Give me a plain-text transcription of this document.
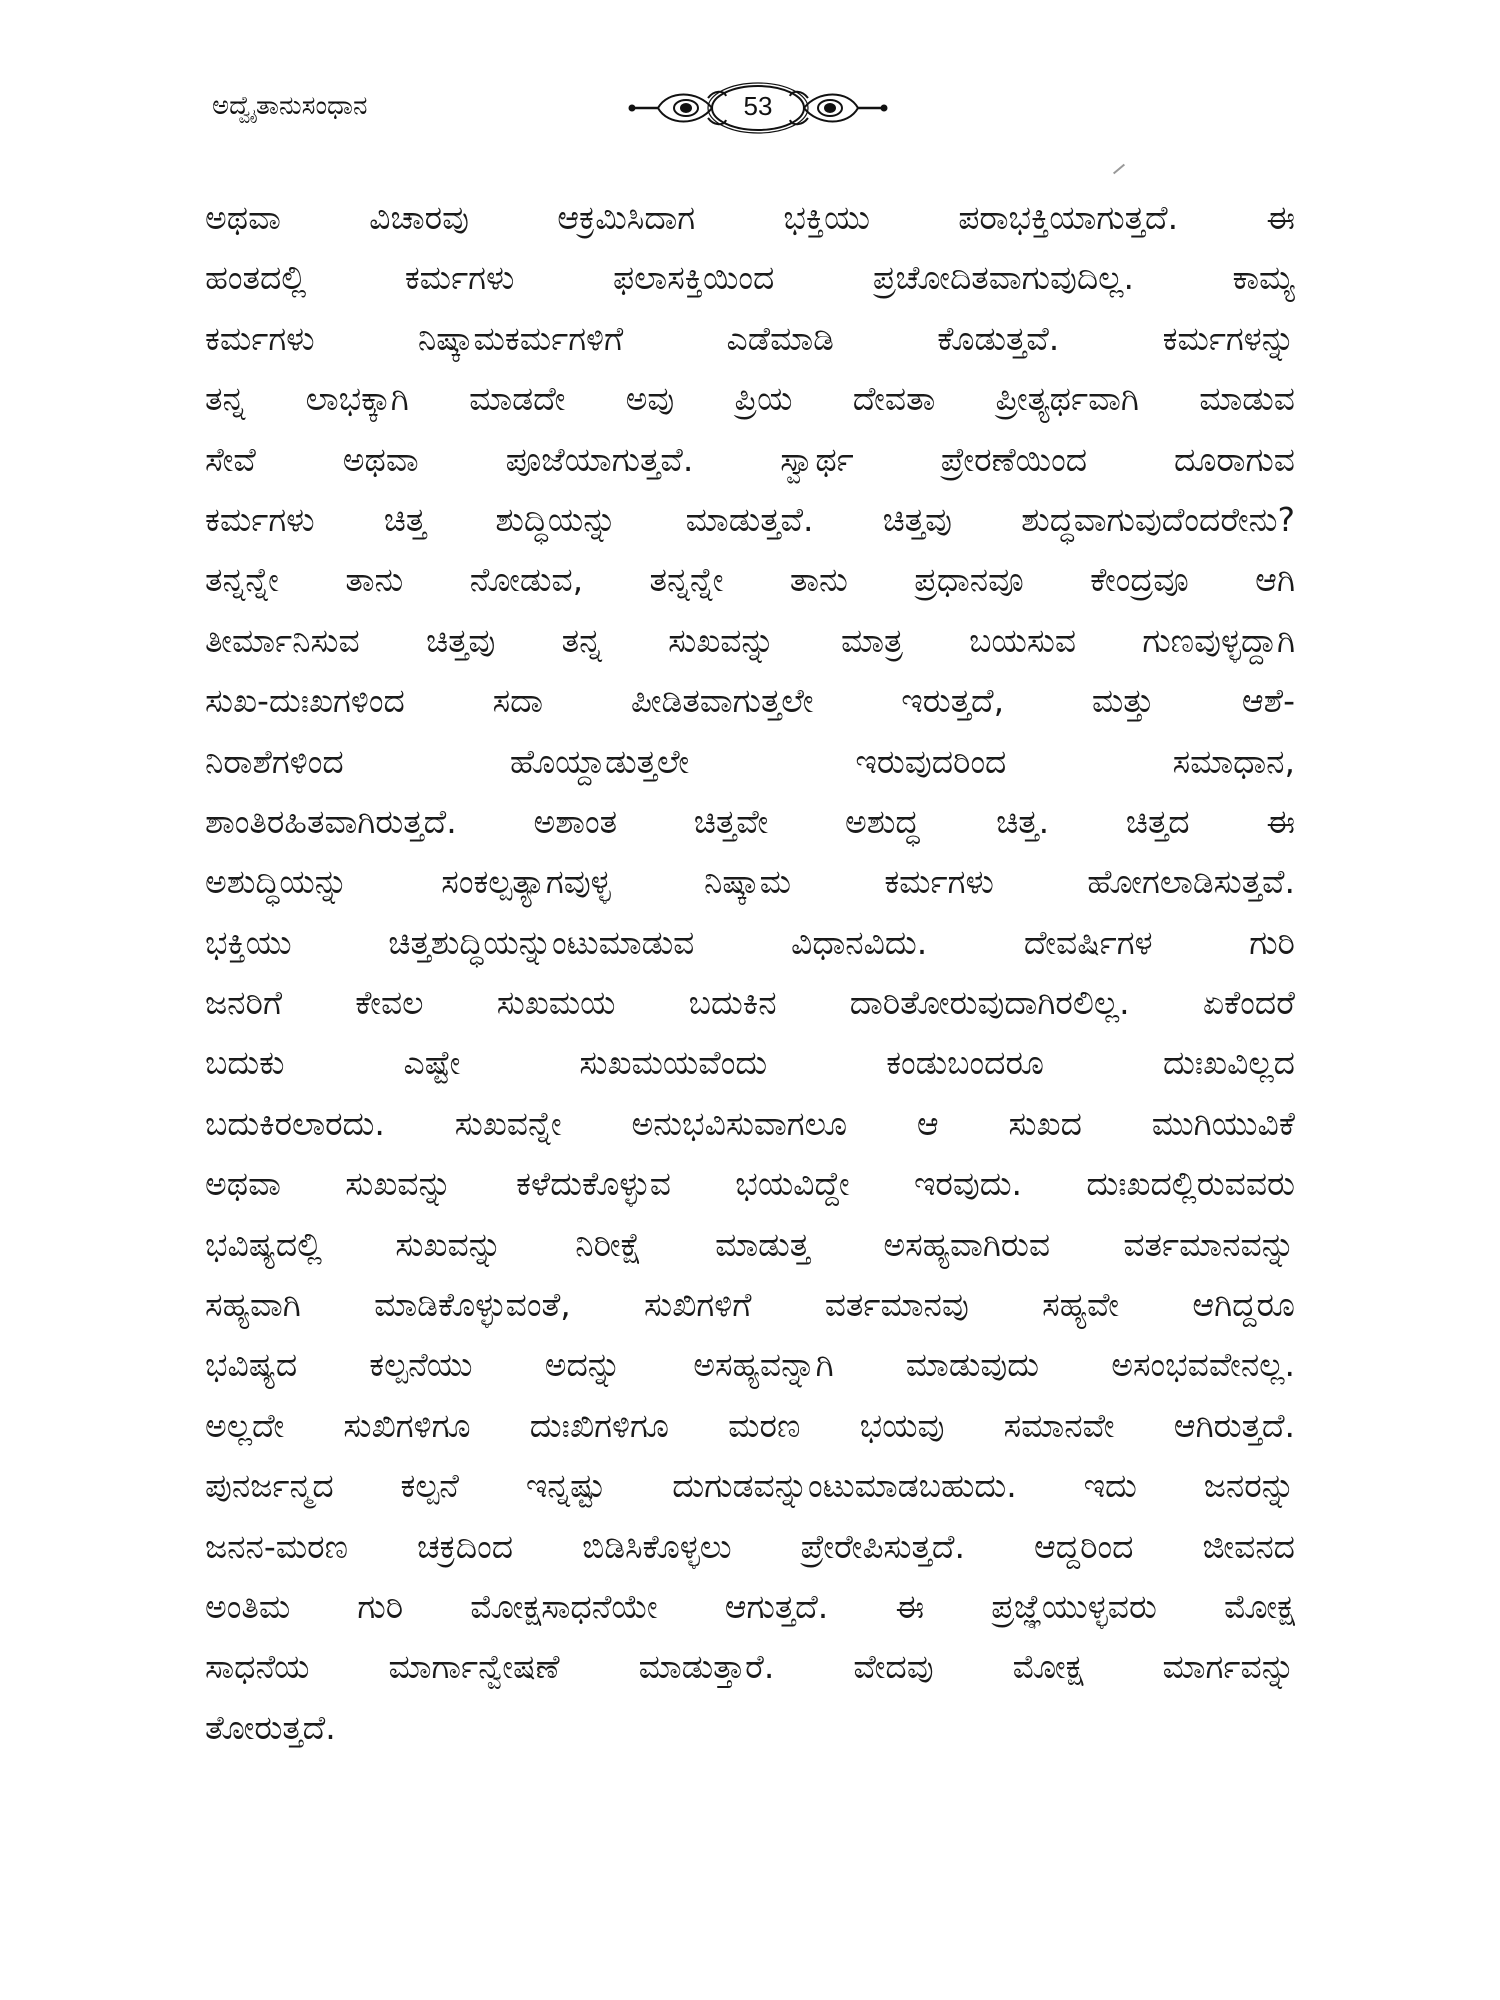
ಅದ್ವೈತಾನುಸಂಧಾನ	53
ಅಥವಾ ವಿಚಾರವು ಆಕ್ರಮಿಸಿದಾಗ ಭಕ್ತಿಯು ಪರಾಭಕ್ತಿಯಾಗುತ್ತದೆ. ಈ
ಹಂತದಲ್ಲಿ ಕರ್ಮಗಳು ಫಲಾಸಕ್ತಿಯಿಂದ ಪ್ರಚೋದಿತವಾಗುವುದಿಲ್ಲ. ಕಾಮ್ಯ
ಕರ್ಮಗಳು ನಿಷ್ಕಾಮಕರ್ಮಗಳಿಗೆ ಎಡೆಮಾಡಿ ಕೊಡುತ್ತವೆ. ಕರ್ಮಗಳನ್ನು
ತನ್ನ ಲಾಭಕ್ಕಾಗಿ ಮಾಡದೇ ಅವು ಪ್ರಿಯ ದೇವತಾ ಪ್ರೀತ್ಯರ್ಥವಾಗಿ ಮಾಡುವ
ಸೇವೆ ಅಥವಾ ಪೂಜೆಯಾಗುತ್ತವೆ. ಸ್ವಾರ್ಥ ಪ್ರೇರಣೆಯಿಂದ ದೂರಾಗುವ
ಕರ್ಮಗಳು ಚಿತ್ತ ಶುದ್ಧಿಯನ್ನು ಮಾಡುತ್ತವೆ. ಚಿತ್ತವು ಶುದ್ಧವಾಗುವುದೆಂದರೇನು?
ತನ್ನನ್ನೇ ತಾನು ನೋಡುವ, ತನ್ನನ್ನೇ ತಾನು ಪ್ರಧಾನವೂ ಕೇಂದ್ರವೂ ಆಗಿ
ತೀರ್ಮಾನಿಸುವ ಚಿತ್ತವು ತನ್ನ ಸುಖವನ್ನು ಮಾತ್ರ ಬಯಸುವ ಗುಣವುಳ್ಳದ್ದಾಗಿ
ಸುಖ-ದುಃಖಗಳಿಂದ ಸದಾ ಪೀಡಿತವಾಗುತ್ತಲೇ ಇರುತ್ತದೆ, ಮತ್ತು ಆಶೆ-
ನಿರಾಶೆಗಳಿಂದ ಹೊಯ್ದಾಡುತ್ತಲೇ ಇರುವುದರಿಂದ ಸಮಾಧಾನ,
ಶಾಂತಿರಹಿತವಾಗಿರುತ್ತದೆ. ಅಶಾಂತ ಚಿತ್ತವೇ ಅಶುದ್ಧ ಚಿತ್ತ. ಚಿತ್ತದ ಈ
ಅಶುದ್ಧಿಯನ್ನು ಸಂಕಲ್ಪತ್ಯಾಗವುಳ್ಳ ನಿಷ್ಕಾಮ ಕರ್ಮಗಳು ಹೋಗಲಾಡಿಸುತ್ತವೆ.
ಭಕ್ತಿಯು ಚಿತ್ತಶುದ್ಧಿಯನ್ನುಂಟುಮಾಡುವ ವಿಧಾನವಿದು. ದೇವರ್ಷಿಗಳ ಗುರಿ
ಜನರಿಗೆ ಕೇವಲ ಸುಖಮಯ ಬದುಕಿನ ದಾರಿತೋರುವುದಾಗಿರಲಿಲ್ಲ. ಏಕೆಂದರೆ
ಬದುಕು ಎಷ್ಟೇ ಸುಖಮಯವೆಂದು ಕಂಡುಬಂದರೂ ದುಃಖವಿಲ್ಲದ
ಬದುಕಿರಲಾರದು. ಸುಖವನ್ನೇ ಅನುಭವಿಸುವಾಗಲೂ ಆ ಸುಖದ ಮುಗಿಯುವಿಕೆ
ಅಥವಾ ಸುಖವನ್ನು ಕಳೆದುಕೊಳ್ಳುವ ಭಯವಿದ್ದೇ ಇರವುದು. ದುಃಖದಲ್ಲಿರುವವರು
ಭವಿಷ್ಯದಲ್ಲಿ ಸುಖವನ್ನು ನಿರೀಕ್ಷೆ ಮಾಡುತ್ತ ಅಸಹ್ಯವಾಗಿರುವ ವರ್ತಮಾನವನ್ನು
ಸಹ್ಯವಾಗಿ ಮಾಡಿಕೊಳ್ಳುವಂತೆ, ಸುಖಿಗಳಿಗೆ ವರ್ತಮಾನವು ಸಹ್ಯವೇ ಆಗಿದ್ದರೂ
ಭವಿಷ್ಯದ ಕಲ್ಪನೆಯು ಅದನ್ನು ಅಸಹ್ಯವನ್ನಾಗಿ ಮಾಡುವುದು ಅಸಂಭವವೇನಲ್ಲ.
ಅಲ್ಲದೇ ಸುಖಿಗಳಿಗೂ ದುಃಖಿಗಳಿಗೂ ಮರಣ ಭಯವು ಸಮಾನವೇ ಆಗಿರುತ್ತದೆ.
ಪುನರ್ಜನ್ಮದ ಕಲ್ಪನೆ ಇನ್ನಷ್ಟು ದುಗುಡವನ್ನುಂಟುಮಾಡಬಹುದು. ಇದು ಜನರನ್ನು
ಜನನ-ಮರಣ ಚಕ್ರದಿಂದ ಬಿಡಿಸಿಕೊಳ್ಳಲು ಪ್ರೇರೇಪಿಸುತ್ತದೆ. ಆದ್ದರಿಂದ ಜೀವನದ
ಅಂತಿಮ ಗುರಿ ಮೋಕ್ಷಸಾಧನೆಯೇ ಆಗುತ್ತದೆ. ಈ ಪ್ರಜ್ಞೆಯುಳ್ಳವರು ಮೋಕ್ಷ
ಸಾಧನೆಯ ಮಾರ್ಗಾನ್ವೇಷಣೆ ಮಾಡುತ್ತಾರೆ. ವೇದವು ಮೋಕ್ಷ ಮಾರ್ಗವನ್ನು
ತೋರುತ್ತದೆ.
